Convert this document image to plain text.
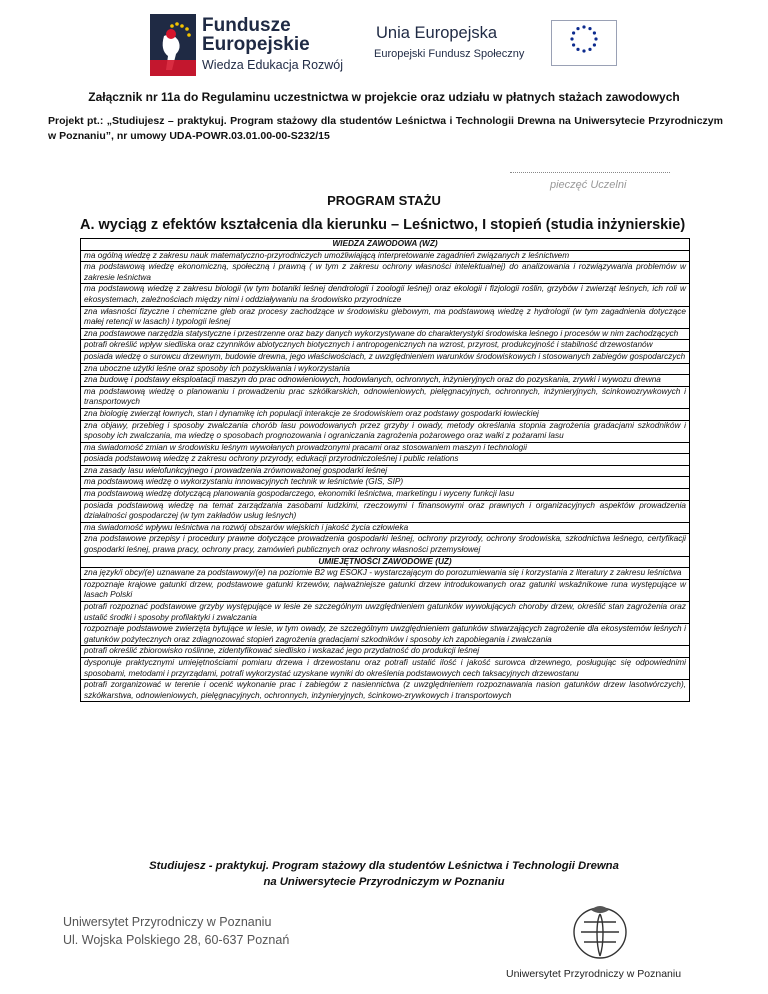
Fundusze
Europejskie
Wiedza Edukacja Rozwój
Unia Europejska
Europejski Fundusz Społeczny
Załącznik nr 11a do Regulaminu uczestnictwa w projekcie oraz udziału w płatnych stażach zawodowych
Projekt pt.: „Studiujesz – praktykuj. Program stażowy dla studentów Leśnictwa i Technologii Drewna na Uniwersytecie Przyrodniczym w Poznaniu”, nr umowy UDA-POWR.03.01.00-00-S232/15
pieczęć Uczelni
PROGRAM STAŻU
A. wyciąg z efektów kształcenia dla kierunku – Leśnictwo, I stopień (studia inżynierskie)
WIEDZA ZAWODOWA (WZ)
ma ogólną wiedzę z zakresu nauk matematyczno-przyrodniczych umożliwiającą interpretowanie zagadnień związanych z leśnictwem
ma podstawową wiedzę ekonomiczną, społeczną i prawną ( w tym z zakresu ochrony własności intelektualnej) do analizowania i rozwiązywania problemów w zakresie leśnictwa
ma podstawową wiedzę z zakresu biologii (w tym botaniki leśnej dendrologii i zoologii leśnej) oraz ekologii i fizjologii roślin, grzybów i zwierząt leśnych, ich roli w ekosystemach, zależnościach między nimi i oddziaływaniu na środowisko przyrodnicze
zna własności fizyczne i chemiczne gleb oraz procesy zachodzące w środowisku glebowym, ma podstawową wiedzę z hydrologii (w tym zagadnienia dotyczące małej retencji w lasach) i typologii leśnej
zna podstawowe narzędzia statystyczne i przestrzenne oraz bazy danych wykorzystywane do charakterystyki środowiska leśnego i procesów w nim zachodzących
potrafi określić wpływ siedliska oraz czynników abiotycznych biotycznych i antropogenicznych na wzrost, przyrost, produkcyjność i stabilność drzewostanów
posiada wiedzę o surowcu drzewnym, budowie drewna, jego właściwościach, z uwzględnieniem warunków środowiskowych i stosowanych zabiegów gospodarczych
zna uboczne użytki leśne oraz sposoby ich pozyskiwania i wykorzystania
zna budowę i podstawy eksploatacji maszyn do prac odnowieniowych, hodowlanych, ochronnych, inżynieryjnych oraz do pozyskania, zrywki i wywozu drewna
ma podstawową wiedzę o planowaniu i prowadzeniu prac szkółkarskich, odnowieniowych, pielęgnacyjnych, ochronnych, inżynieryjnych, ścinkowozrywkowych i transportowych
zna biologię zwierząt łownych, stan i dynamikę ich populacji interakcje ze środowiskiem oraz podstawy gospodarki łowieckiej
zna objawy, przebieg i sposoby zwalczania chorób lasu powodowanych przez grzyby i owady, metody określania stopnia zagrożenia gradacjami szkodników i sposoby ich zwalczania, ma wiedzę o sposobach prognozowania i ograniczania zagrożenia pożarowego oraz walki z pożarami lasu
ma świadomość zmian w środowisku leśnym wywołanych prowadzonymi pracami oraz stosowaniem maszyn i technologii
posiada podstawową wiedzę z zakresu ochrony przyrody, edukacji przyrodniczoleśnej i public relations
zna zasady lasu wielofunkcyjnego i prowadzenia zrównoważonej gospodarki leśnej
ma podstawową wiedzę o wykorzystaniu innowacyjnych technik w leśnictwie (GIS, SIP)
ma podstawową wiedzę dotyczącą planowania gospodarczego, ekonomiki leśnictwa, marketingu i wyceny funkcji lasu
posiada podstawową wiedzę na temat zarządzania zasobami ludzkimi, rzeczowymi i finansowymi oraz prawnych i organizacyjnych aspektów prowadzenia działalności gospodarczej (w tym zakładów usług leśnych)
ma świadomość wpływu leśnictwa na rozwój obszarów wiejskich i jakość życia człowieka
zna podstawowe przepisy i procedury prawne dotyczące prowadzenia gospodarki leśnej, ochrony przyrody, ochrony środowiska, szkodnictwa leśnego, certyfikacji gospodarki leśnej, prawa pracy, ochrony pracy, zamówień publicznych oraz ochrony własności przemysłowej
UMIEJĘTNOŚCI ZAWODOWE (UZ)
zna język/i obcy/(e) uznawane za podstawowy/(e) na poziomie B2 wg ESOKJ - wystarczającym do porozumiewania się i korzystania z literatury z zakresu leśnictwa
rozpoznaje krajowe gatunki drzew, podstawowe gatunki krzewów, najważniejsze gatunki drzew introdukowanych oraz gatunki wskaźnikowe runa występujące w lasach Polski
potrafi rozpoznać podstawowe grzyby występujące w lesie ze szczególnym uwzględnieniem gatunków wywołujących choroby drzew, określić stan zagrożenia oraz ustalić środki i sposoby profilaktyki i zwalczania
rozpoznaje podstawowe zwierzęta bytujące w lesie, w tym owady, ze szczególnym uwzględnieniem gatunków stwarzających zagrożenie dla ekosystemów leśnych i gatunków pożytecznych oraz zdiagnozować stopień zagrożenia gradacjami szkodników i sposoby ich zapobiegania i zwalczania
potrafi określić zbiorowisko roślinne, zidentyfikować siedlisko i wskazać jego przydatność do produkcji leśnej
dysponuje praktycznymi umiejętnościami pomiaru drzewa i drzewostanu oraz potrafi ustalić ilość i jakość surowca drzewnego, posługując się odpowiednimi sposobami, metodami i przyrządami, potrafi wykorzystać uzyskane wyniki do określenia podstawowych cech taksacyjnych drzewostanu
potrafi zorganizować w terenie i ocenić wykonanie prac i zabiegów z nasiennictwa (z uwzględnieniem rozpoznawania nasion gatunków drzew lasotwórczych), szkółkarstwa, odnowieniowych, pielęgnacyjnych, ochronnych, inżynieryjnych, ścinkowo-zrywkowych i transportowych
Studiujesz - praktykuj. Program stażowy dla studentów Leśnictwa i Technologii Drewna
na Uniwersytecie Przyrodniczym w Poznaniu
Uniwersytet Przyrodniczy w Poznaniu
Ul. Wojska Polskiego 28, 60-637 Poznań
Uniwersytet Przyrodniczy w Poznaniu
